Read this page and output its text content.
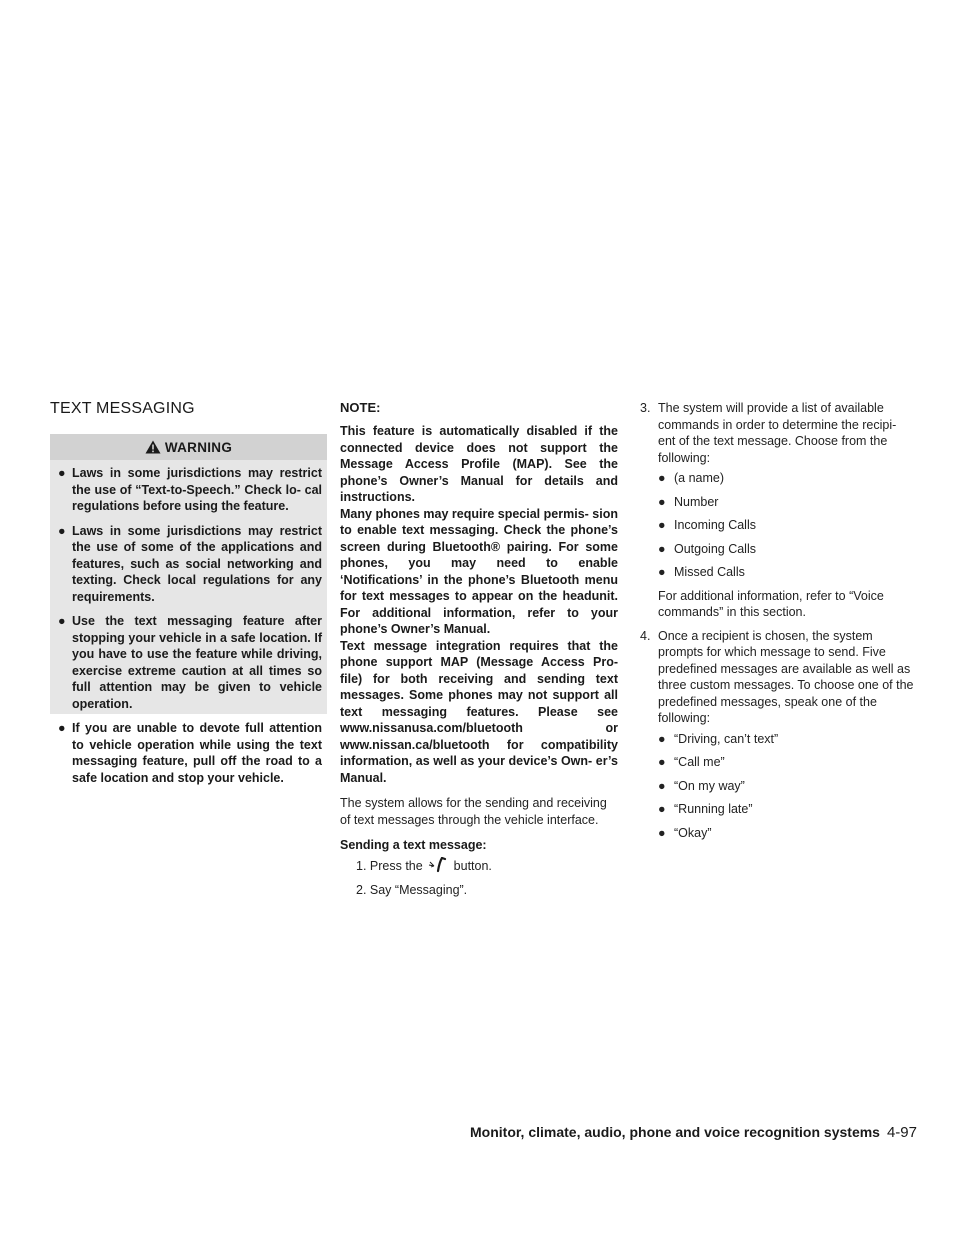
TEXT MESSAGING
WARNING
● Laws in some jurisdictions may restrict the use of “Text-to-Speech.” Check lo- cal regulations before using the feature.
● Laws in some jurisdictions may restrict the use of some of the applications and features, such as social networking and texting. Check local regulations for any requirements.
● Use the text messaging feature after stopping your vehicle in a safe location. If you have to use the feature while driving, exercise extreme caution at all times so full attention may be given to vehicle operation.
● If you are unable to devote full attention to vehicle operation while using the text messaging feature, pull off the road to a safe location and stop your vehicle.

NOTE:

This feature is automatically disabled if the connected device does not support the Message Access Profile (MAP). See the phone’s Owner’s Manual for details and instructions.

Many phones may require special permis- sion to enable text messaging. Check the phone’s screen during Bluetooth® pairing. For some phones, you may need to enable ‘Notifications’ in the phone’s Bluetooth menu for text messages to appear on the headunit. For additional information, refer to your phone’s Owner’s Manual.

Text message integration requires that the phone support MAP (Message Access Pro- file) for both receiving and sending text messages. Some phones may not support all text messaging features. Please see www.nissanusa.com/bluetooth or www.nissan.ca/bluetooth for compatibility information, as well as your device’s Own- er’s Manual.

The system allows for the sending and receiving of text messages through the vehicle interface.

Sending a text message:

1. Press the button.
2. Say “Messaging”.
3. The system will provide a list of available commands in order to determine the recipi- ent of the text message. Choose from the following:
● (a name)
● Number
● Incoming Calls
● Outgoing Calls
● Missed Calls

For additional information, refer to “Voice commands” in this section.

4. Once a recipient is chosen, the system prompts for which message to send. Five predefined messages are available as well as three custom messages. To choose one of the predefined messages, speak one of the following:
● “Driving, can’t text”
● “Call me”
● “On my way”
● “Running late”
● “Okay”
Monitor, climate, audio, phone and voice recognition systems 4-97
